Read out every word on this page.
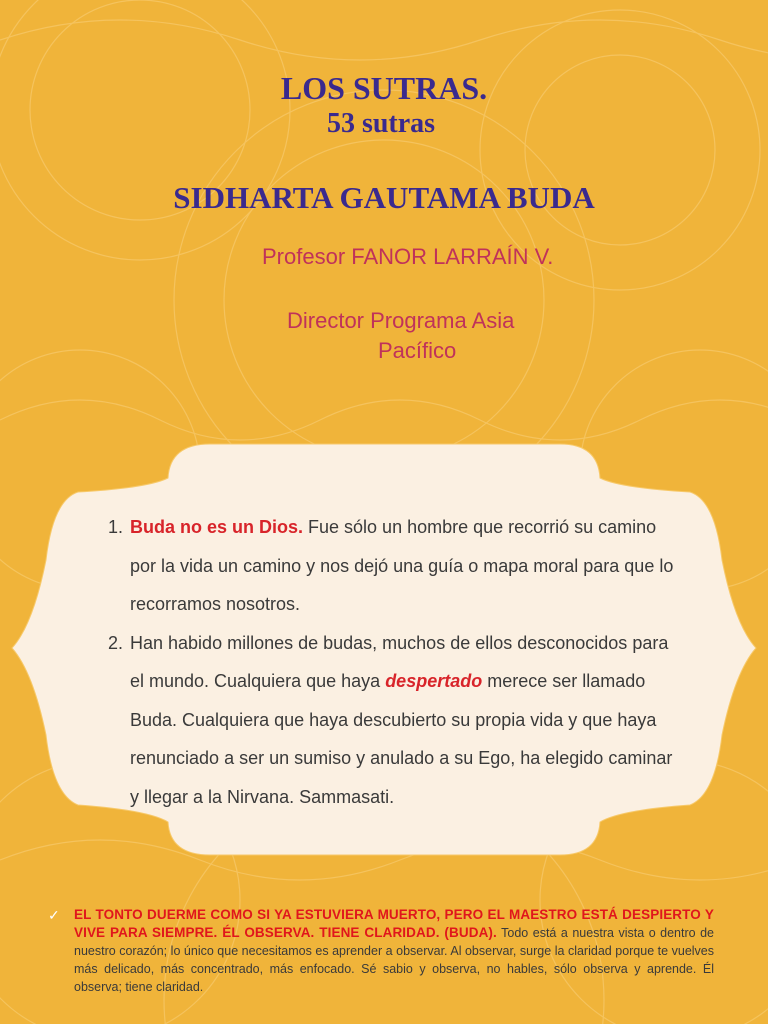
LOS SUTRAS.
53 sutras
SIDHARTA GAUTAMA BUDA

Profesor FANOR LARRAÍN V.

Director Programa Asia

Pacífico

1. Buda no es un Dios. Fue sólo un hombre que recorrió su camino por la vida un camino y nos dejó una guía o mapa moral para que lo recorramos nosotros.
2. Han habido millones de budas, muchos de ellos desconocidos para el mundo. Cualquiera que haya despertado merece ser llamado Buda. Cualquiera que haya descubierto su propia vida y que haya renunciado a ser un sumiso y anulado a su Ego, ha elegido caminar y llegar a la Nirvana. Sammasati.
✓	EL TONTO DUERME COMO SI YA ESTUVIERA MUERTO, PERO EL MAESTRO ESTÁ DESPIERTO Y VIVE PARA SIEMPRE. ÉL OBSERVA. TIENE CLARIDAD. (BUDA). Todo está a nuestra vista o dentro de nuestro corazón; lo único que necesitamos es aprender a observar. Al observar, surge la claridad porque te vuelves más delicado, más concentrado, más enfocado. Sé sabio y observa, no hables, sólo observa y aprende. Él observa; tiene claridad.
